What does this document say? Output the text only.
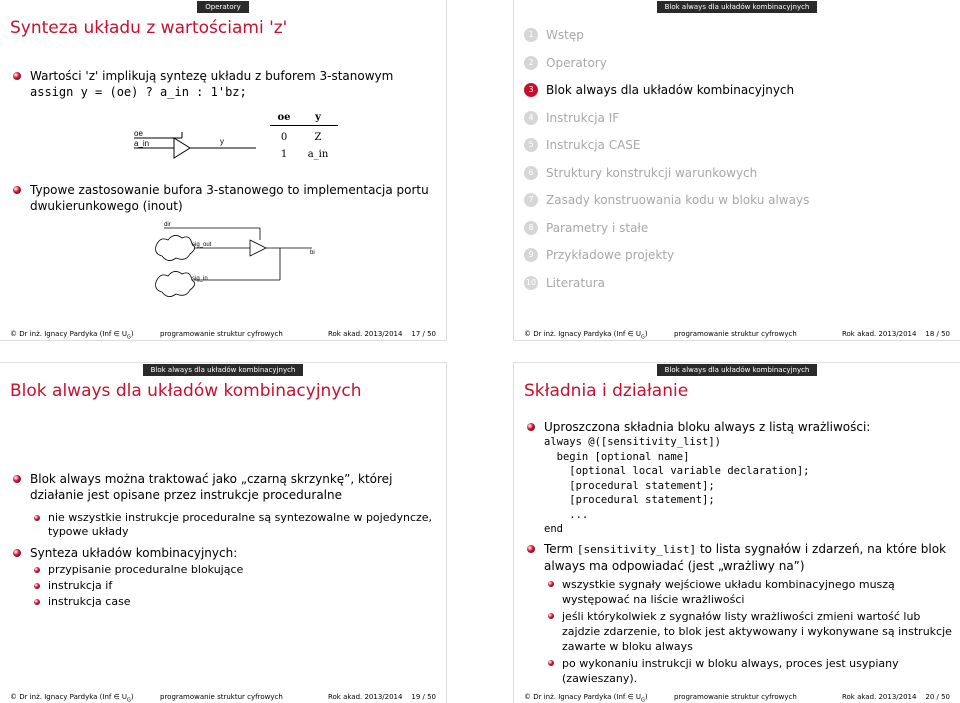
Operatory
Synteza układu z wartościami 'z'
Wartości 'z' implikują syntezę układu z buforem 3-stanowym
assign y = (oe) ? a_in : 1'bz;
oe
a_in	y
oe	y
0	Z
1	a_in
Typowe zastosowanie bufora 3-stanowego to implementacja portu dwukierunkowego (inout)
dir
sig_out
bi
sig_in
© Dr inż. Ignacy Pardyka (Inf ∈ $U_G$)	programowanie struktur cyfrowych	Rok akad. 2013/2014 17 / 50
Blok always dla układów kombinacyjnych
1	Wstęp
2	Operatory
3	Blok always dla układów kombinacyjnych
4	Instrukcja IF
5	Instrukcja CASE
6	Struktury konstrukcji warunkowych
7	Zasady konstruowania kodu w bloku always
8	Parametry i stałe
9	Przykładowe projekty
10 Literatura
© Dr inż. Ignacy Pardyka (Inf ∈ $U_G$)	programowanie struktur cyfrowych	Rok akad. 2013/2014 18 / 50
Blok always dla układów kombinacyjnych
Blok always dla układów kombinacyjnych
Blok always można traktować jako „czarną skrzynkę”, której działanie jest opisane przez instrukcje proceduralne
nie wszystkie instrukcje proceduralne są syntezowalne w pojedyncze, typowe układy
Synteza układów kombinacyjnych:
przypisanie proceduralne blokujące
instrukcja if
instrukcja case
© Dr inż. Ignacy Pardyka (Inf ∈ $U_G$)	programowanie struktur cyfrowych	Rok akad. 2013/2014 19 / 50
Blok always dla układów kombinacyjnych
Składnia i działanie
Uproszczona składnia bloku always z listą wrażliwości:
always @([sensitivity_list])
begin [optional name]
[optional local variable declaration];
[procedural statement];
[procedural statement];
...
end
Term [sensitivity_list] to lista sygnałów i zdarzeń, na które blok always ma odpowiadać (jest „wrażliwy na”)
wszystkie sygnały wejściowe układu kombinacyjnego muszą występować na liście wrażliwości
jeśli którykolwiek z sygnałów listy wrażliwości zmieni wartość lub zajdzie zdarzenie, to blok jest aktywowany i wykonywane są instrukcje zawarte w bloku always
po wykonaniu instrukcji w bloku always, proces jest usypiany (zawieszany).
© Dr inż. Ignacy Pardyka (Inf ∈ $U_G$)	programowanie struktur cyfrowych	Rok akad. 2013/2014 20 / 50
